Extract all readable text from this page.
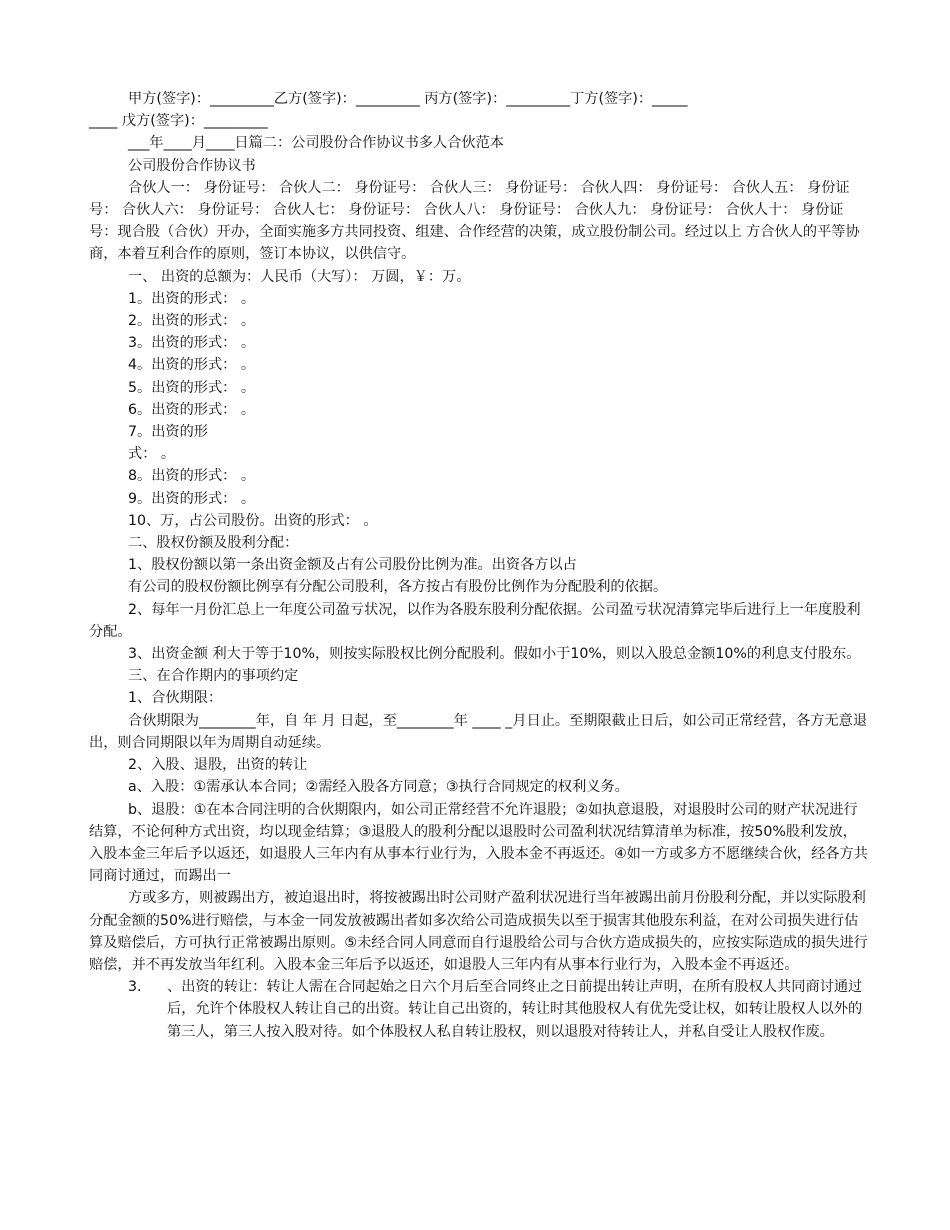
甲方(签字)：_________乙方(签字)：_________ 丙方(签字)：_________丁方(签字)：_____

____ 戊方(签字)：_________

___年____月____日篇二：公司股份合作协议书多人合伙范本

公司股份合作协议书

合伙人一： 身份证号： 合伙人二： 身份证号： 合伙人三： 身份证号： 合伙人四： 身份证号： 合伙人五： 身份证号： 合伙人六： 身份证号： 合伙人七： 身份证号： 合伙人八： 身份证号： 合伙人九： 身份证号： 合伙人十： 身份证号：现合股（合伙）开办，全面实施多方共同投资、组建、合作经营的决策，成立股份制公司。经过以上 方合伙人的平等协商，本着互利合作的原则，签订本协议，以供信守。

一、 出资的总额为：人民币（大写）： 万圆，￥：万。

1。出资的形式： 。

2。出资的形式： 。

3。出资的形式： 。

4。出资的形式： 。

5。出资的形式： 。

6。出资的形式： 。

7。出资的形

式： 。

8。出资的形式： 。

9。出资的形式： 。

10、万，占公司股份。出资的形式： 。

二、股权份额及股利分配：

1、股权份额以第一条出资金额及占有公司股份比例为准。出资各方以占

有公司的股权份额比例享有分配公司股利，各方按占有股份比例作为分配股利的依据。

2、每年一月份汇总上一年度公司盈亏状况，以作为各股东股利分配依据。公司盈亏状况清算完毕后进行上一年度股利分配。

3、出资金额 利大于等于10%，则按实际股权比例分配股利。假如小于10%，则以入股总金额10%的利息支付股东。

三、在合作期内的事项约定

1、合伙期限：

合伙期限为________年，自 年 月 日起，至________年 ____ _月日止。至期限截止日后，如公司正常经营，各方无意退出，则合同期限以年为周期自动延续。

2、入股、退股，出资的转让

a、入股：①需承认本合同；②需经入股各方同意；③执行合同规定的权利义务。

b、退股：①在本合同注明的合伙期限内，如公司正常经营不允许退股；②如执意退股，对退股时公司的财产状况进行结算，不论何种方式出资，均以现金结算；③退股人的股利分配以退股时公司盈利状况结算清单为标准，按50%股利发放，入股本金三年后予以返还，如退股人三年内有从事本行业行为，入股本金不再返还。④如一方或多方不愿继续合伙，经各方共同商讨通过，而踢出一

方或多方，则被踢出方，被迫退出时，将按被踢出时公司财产盈利状况进行当年被踢出前月份股利分配，并以实际股利分配金额的50%进行赔偿，与本金一同发放被踢出者如多次给公司造成损失以至于损害其他股东利益，在对公司损失进行估算及赔偿后，方可执行正常被踢出原则。⑤未经合同人同意而自行退股给公司与合伙方造成损失的，应按实际造成的损失进行赔偿，并不再发放当年红利。入股本金三年后予以返还，如退股人三年内有从事本行业行为，入股本金不再返还。

3． 、出资的转让：转让人需在合同起始之日六个月后至合同终止之日前提出转让声明，在所有股权人共同商讨通过后，允许个体股权人转让自己的出资。转让自己出资的，转让时其他股权人有优先受让权，如转让股权人以外的第三人，第三人按入股对待。如个体股权人私自转让股权，则以退股对待转让人，并私自受让人股权作废。
